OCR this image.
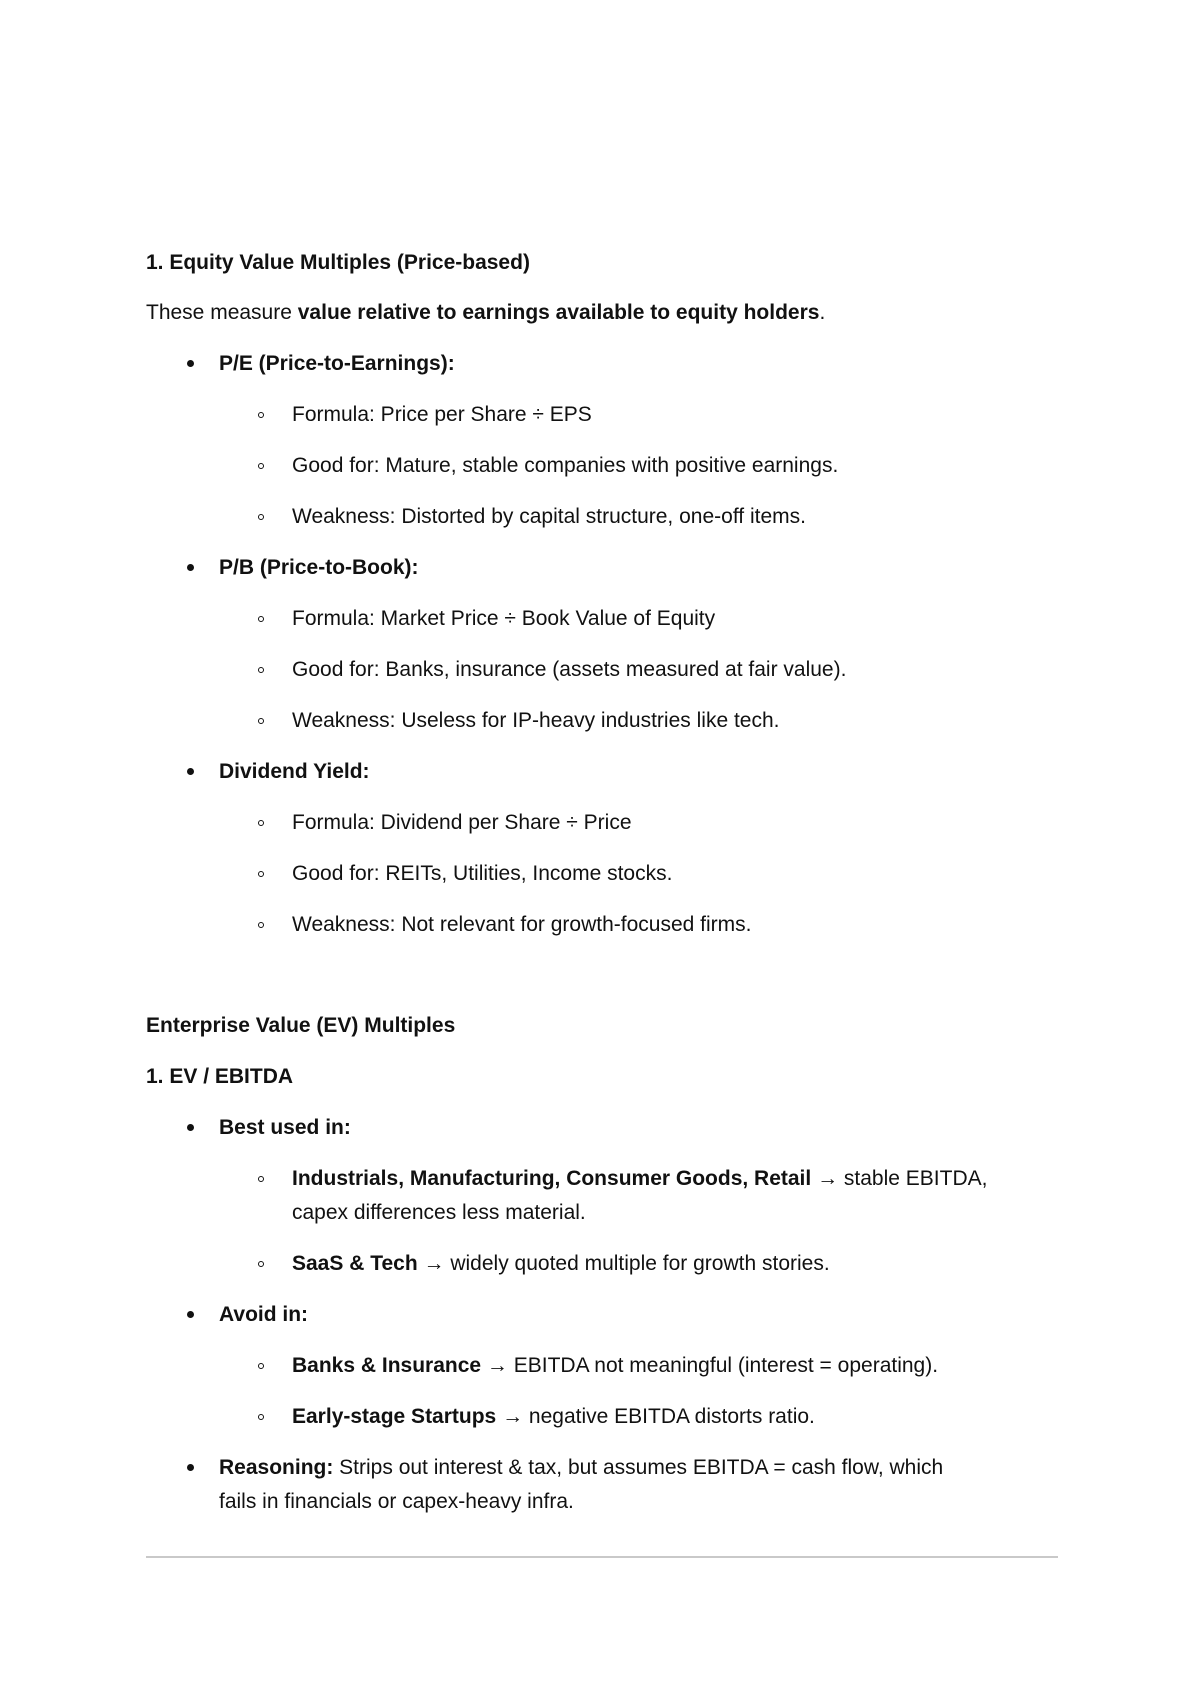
1. Equity Value Multiples (Price-based)
These measure value relative to earnings available to equity holders.
P/E (Price-to-Earnings):
Formula: Price per Share ÷ EPS
Good for: Mature, stable companies with positive earnings.
Weakness: Distorted by capital structure, one-off items.
P/B (Price-to-Book):
Formula: Market Price ÷ Book Value of Equity
Good for: Banks, insurance (assets measured at fair value).
Weakness: Useless for IP-heavy industries like tech.
Dividend Yield:
Formula: Dividend per Share ÷ Price
Good for: REITs, Utilities, Income stocks.
Weakness: Not relevant for growth-focused firms.
Enterprise Value (EV) Multiples
1. EV / EBITDA
Best used in:
Industrials, Manufacturing, Consumer Goods, Retail → stable EBITDA,
capex differences less material.
SaaS & Tech → widely quoted multiple for growth stories.
Avoid in:
Banks & Insurance → EBITDA not meaningful (interest = operating).
Early-stage Startups → negative EBITDA distorts ratio.
Reasoning: Strips out interest & tax, but assumes EBITDA = cash flow, which
fails in financials or capex-heavy infra.
